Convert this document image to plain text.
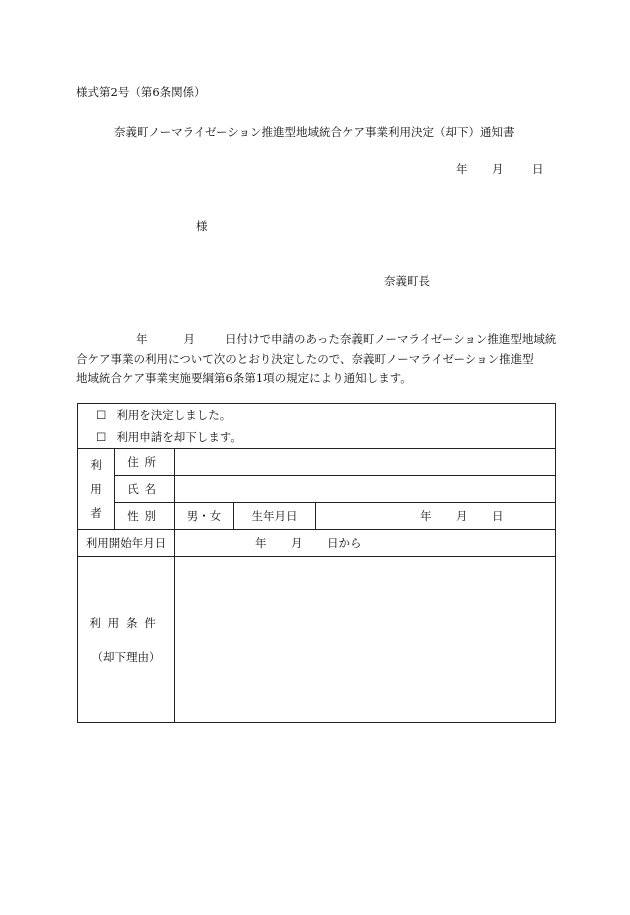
様式第2号（第6条関係）
奈義町ノーマライゼーション推進型地域統合ケア事業利用決定（却下）通知書
年	月	日
様
奈義町長
年	月	日付けで申請のあった奈義町ノーマライゼーション推進型地域統
合ケア事業の利用について次のとおり決定したので、奈義町ノーマライゼーション推進型
地域統合ケア事業実施要綱第6条第1項の規定により通知します。
☐ 利用を決定しました。
☐ 利用申請を却下します。				

利
用
者	住所			
	氏名			
	性別	男・女	生年月日	年 月 日
利用開始年月日		年 月 日から		

利用条件
（却下理由）				
